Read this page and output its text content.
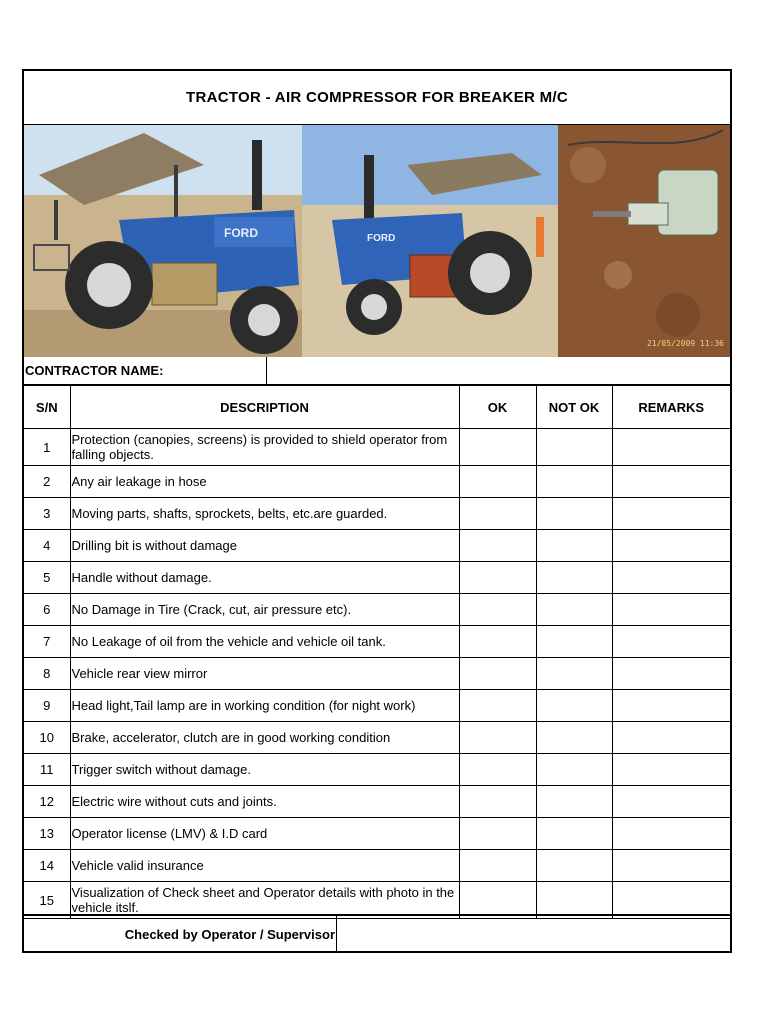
TRACTOR - AIR COMPRESSOR FOR BREAKER M/C
FORD	FORD
21/05/2009 11:36
CONTRACTOR NAME:
S/N	DESCRIPTION	OK	NOT OK	REMARKS
1	Protection (canopies, screens) is provided to shield operator from falling objects.			
2	Any air leakage in hose			
3	Moving parts, shafts, sprockets, belts, etc.are guarded.			
4	Drilling bit is without damage			
5	Handle without damage.			
6	No Damage in Tire (Crack, cut, air pressure etc).			
7	No Leakage of oil from the vehicle and vehicle oil tank.			
8	Vehicle rear view mirror			
9	Head light,Tail lamp are in working condition (for night work)			
10	Brake, accelerator, clutch are in good working condition			
11	Trigger switch without damage.			
12	Electric wire without cuts and joints.			
13	Operator license (LMV) & I.D card			
14	Vehicle valid insurance			
15	Visualization of Check sheet and Operator details with photo in the vehicle itslf.			
Checked by Operator / Supervisor
